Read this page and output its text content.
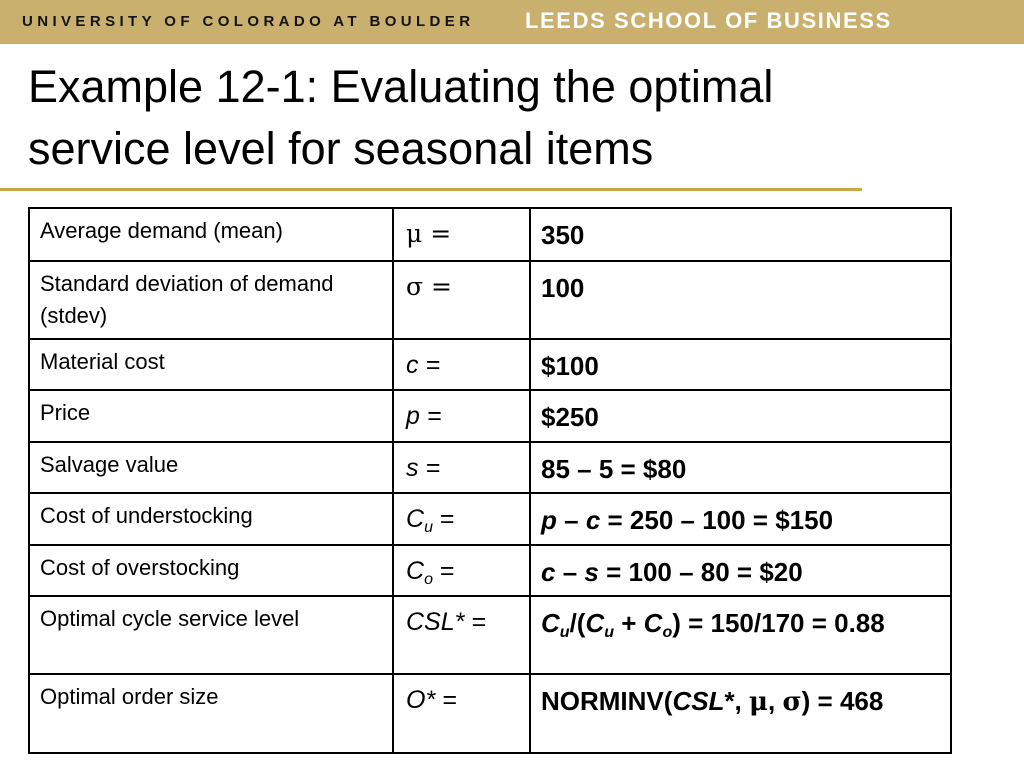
UNIVERSITY OF COLORADO AT BOULDER LEEDS SCHOOL OF BUSINESS
Example 12-1: Evaluating the optimal
service level for seasonal items
Average demand (mean)	μ =	350
Standard deviation of demand (stdev)	σ =	100
Material cost	c =	$100
Price	p =	$250
Salvage value	s =	85 – 5 = $80
Cost of understocking	$C_u$ =	p – c = 250 – 100 = $150
Cost of overstocking	$C_o$ =	c – s = 100 – 80 = $20
Optimal cycle service level	CSL* =	$C_u/(C_u + C_o) = 150/170 = 0.88$
Optimal order size	O* =	NORMINV(CSL*, μ, σ) = 468
